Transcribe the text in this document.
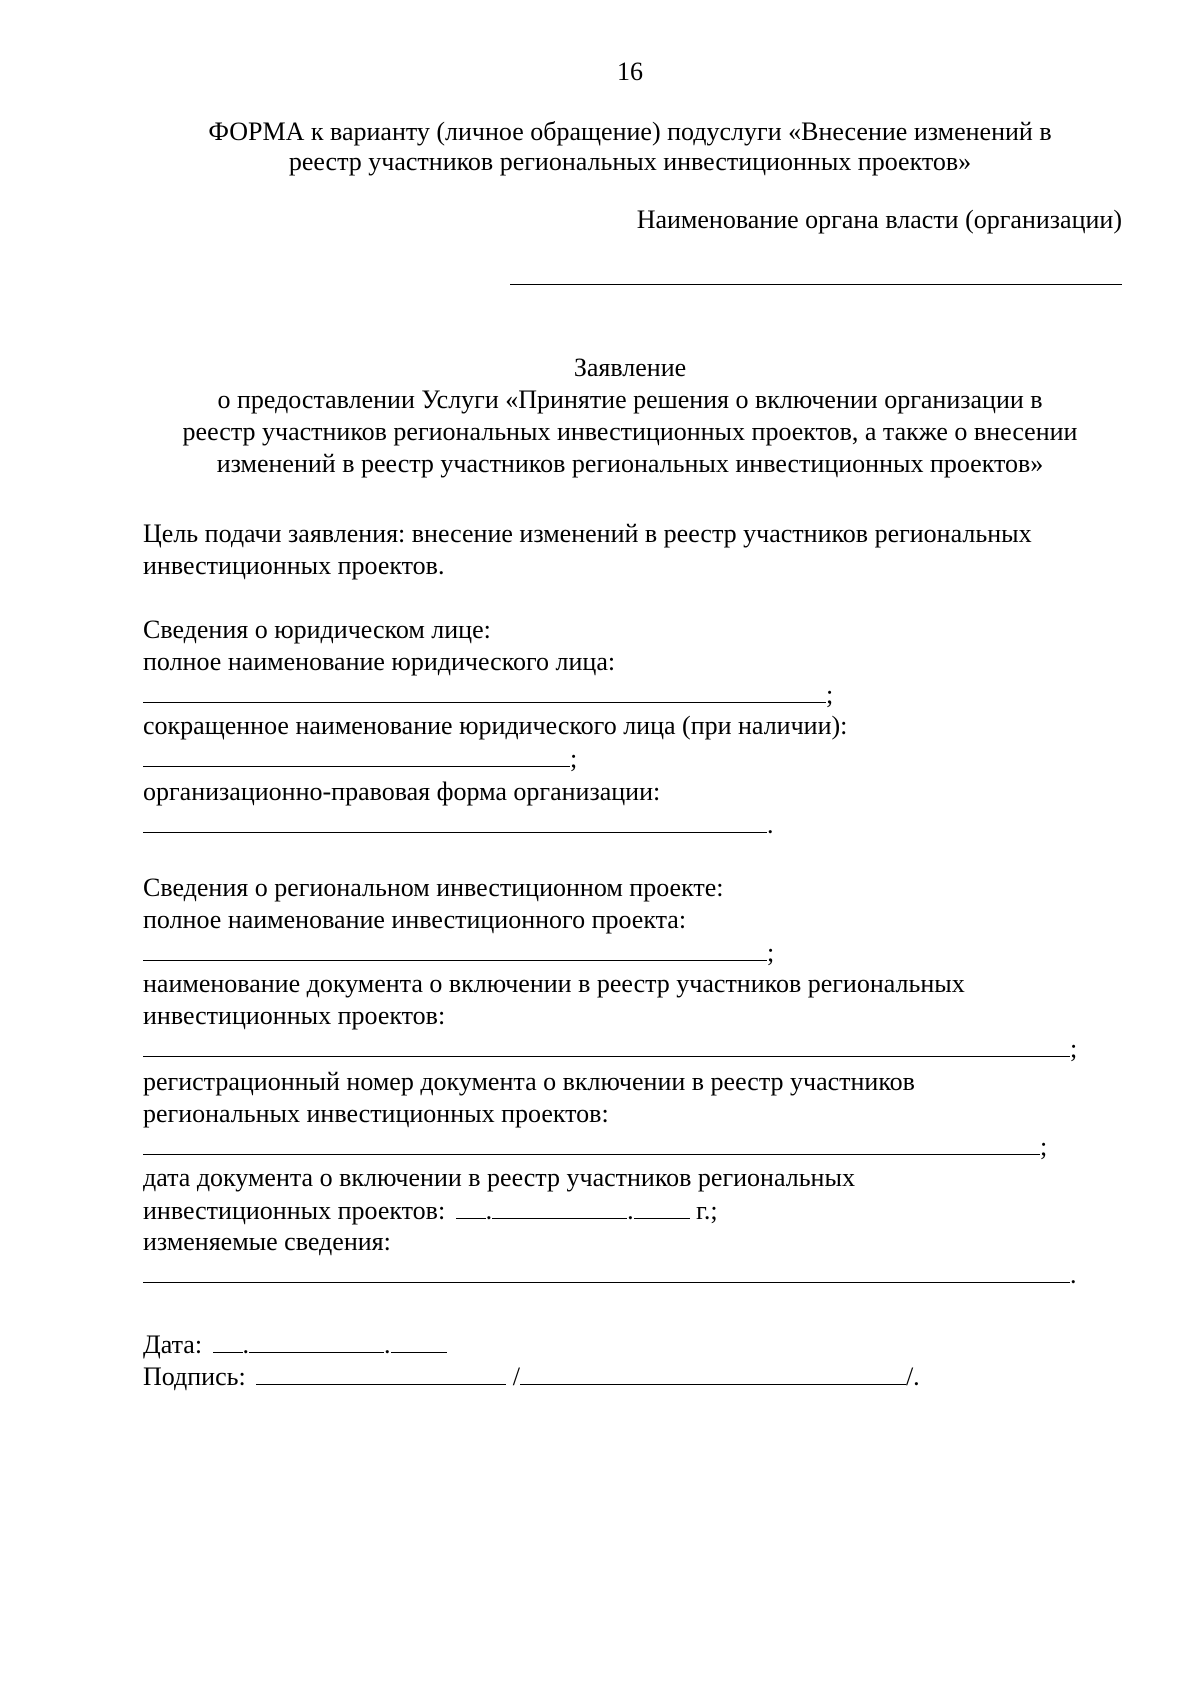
16
ФОРМА к варианту (личное обращение) подуслуги «Внесение изменений в
реестр участников региональных инвестиционных проектов»
Наименование органа власти (организации)
Заявление
о предоставлении Услуги «Принятие решения о включении организации в
реестр участников региональных инвестиционных проектов, а также о внесении
изменений в реестр участников региональных инвестиционных проектов»
Цель подачи заявления: внесение изменений в реестр участников региональных
инвестиционных проектов.
Сведения о юридическом лице:
полное наименование юридического лица:
;
сокращенное наименование юридического лица (при наличии):
;
организационно-правовая форма организации:
.
Сведения о региональном инвестиционном проекте:
полное наименование инвестиционного проекта:
;
наименование документа о включении в реестр участников региональных
инвестиционных проектов:
;
регистрационный номер документа о включении в реестр участников
региональных инвестиционных проектов:
;
дата документа о включении в реестр участников региональных
инвестиционных проектов: .	. г.;
изменяемые сведения:
.
Дата: .	.
Подпись:	/	/.
